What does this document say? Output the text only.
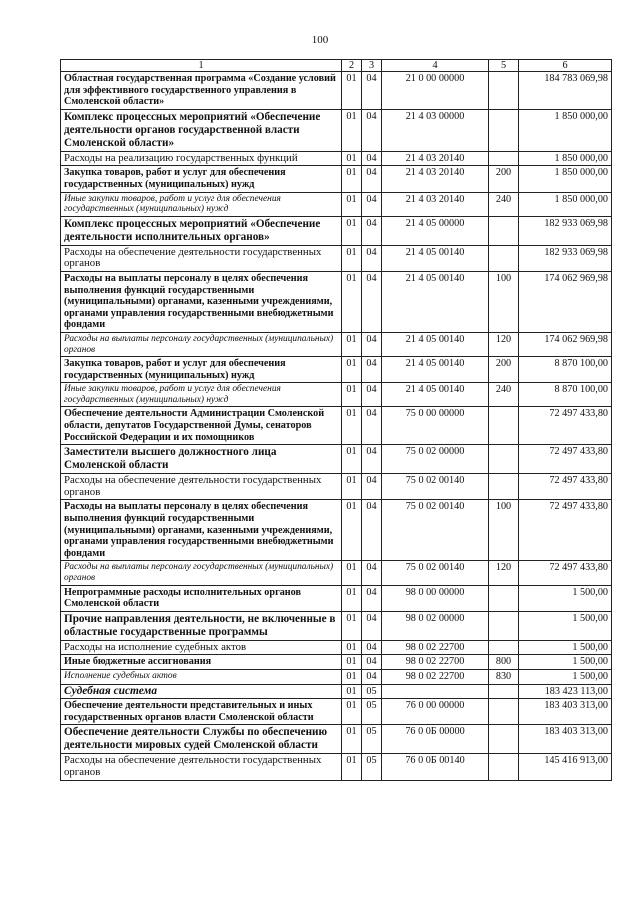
100
1	2	3	4	5	6
Областная государственная программа «Создание условий для эффективного государственного управления в Смоленской области»	01	04	21 0 00 00000		184 783 069,98
Комплекс процессных мероприятий «Обеспечение деятельности органов государственной власти Смоленской области»	01	04	21 4 03 00000		1 850 000,00
Расходы на реализацию государственных функций	01	04	21 4 03 20140		1 850 000,00
Закупка товаров, работ и услуг для обеспечения государственных (муниципальных) нужд	01	04	21 4 03 20140	200	1 850 000,00
Иные закупки товаров, работ и услуг для обеспечения государственных (муниципальных) нужд	01	04	21 4 03 20140	240	1 850 000,00
Комплекс процессных мероприятий «Обеспечение деятельности исполнительных органов»	01	04	21 4 05 00000		182 933 069,98
Расходы на обеспечение деятельности государственных органов	01	04	21 4 05 00140		182 933 069,98
Расходы на выплаты персоналу в целях обеспечения выполнения функций государственными (муниципальными) органами, казенными учреждениями, органами управления государственными внебюджетными фондами	01	04	21 4 05 00140	100	174 062 969,98
Расходы на выплаты персоналу государственных (муниципальных) органов	01	04	21 4 05 00140	120	174 062 969,98
Закупка товаров, работ и услуг для обеспечения государственных (муниципальных) нужд	01	04	21 4 05 00140	200	8 870 100,00
Иные закупки товаров, работ и услуг для обеспечения государственных (муниципальных) нужд	01	04	21 4 05 00140	240	8 870 100,00
Обеспечение деятельности Администрации Смоленской области, депутатов Государственной Думы, сенаторов Российской Федерации и их помощников	01	04	75 0 00 00000		72 497 433,80
Заместители высшего должностного лица Смоленской области	01	04	75 0 02 00000		72 497 433,80
Расходы на обеспечение деятельности государственных органов	01	04	75 0 02 00140		72 497 433,80
Расходы на выплаты персоналу в целях обеспечения выполнения функций государственными (муниципальными) органами, казенными учреждениями, органами управления государственными внебюджетными фондами	01	04	75 0 02 00140	100	72 497 433,80
Расходы на выплаты персоналу государственных (муниципальных) органов	01	04	75 0 02 00140	120	72 497 433,80
Непрограммные расходы исполнительных органов Смоленской области	01	04	98 0 00 00000		1 500,00
Прочие направления деятельности, не включенные в областные государственные программы	01	04	98 0 02 00000		1 500,00
Расходы на исполнение судебных актов	01	04	98 0 02 22700		1 500,00
Иные бюджетные ассигнования	01	04	98 0 02 22700	800	1 500,00
Исполнение судебных актов	01	04	98 0 02 22700	830	1 500,00
Судебная система	01	05			183 423 113,00
Обеспечение деятельности представительных и иных государственных органов власти Смоленской области	01	05	76 0 00 00000		183 403 313,00
Обеспечение деятельности Службы по обеспечению деятельности мировых судей Смоленской области	01	05	76 0 0Б 00000		183 403 313,00
Расходы на обеспечение деятельности государственных органов	01	05	76 0 0Б 00140		145 416 913,00
